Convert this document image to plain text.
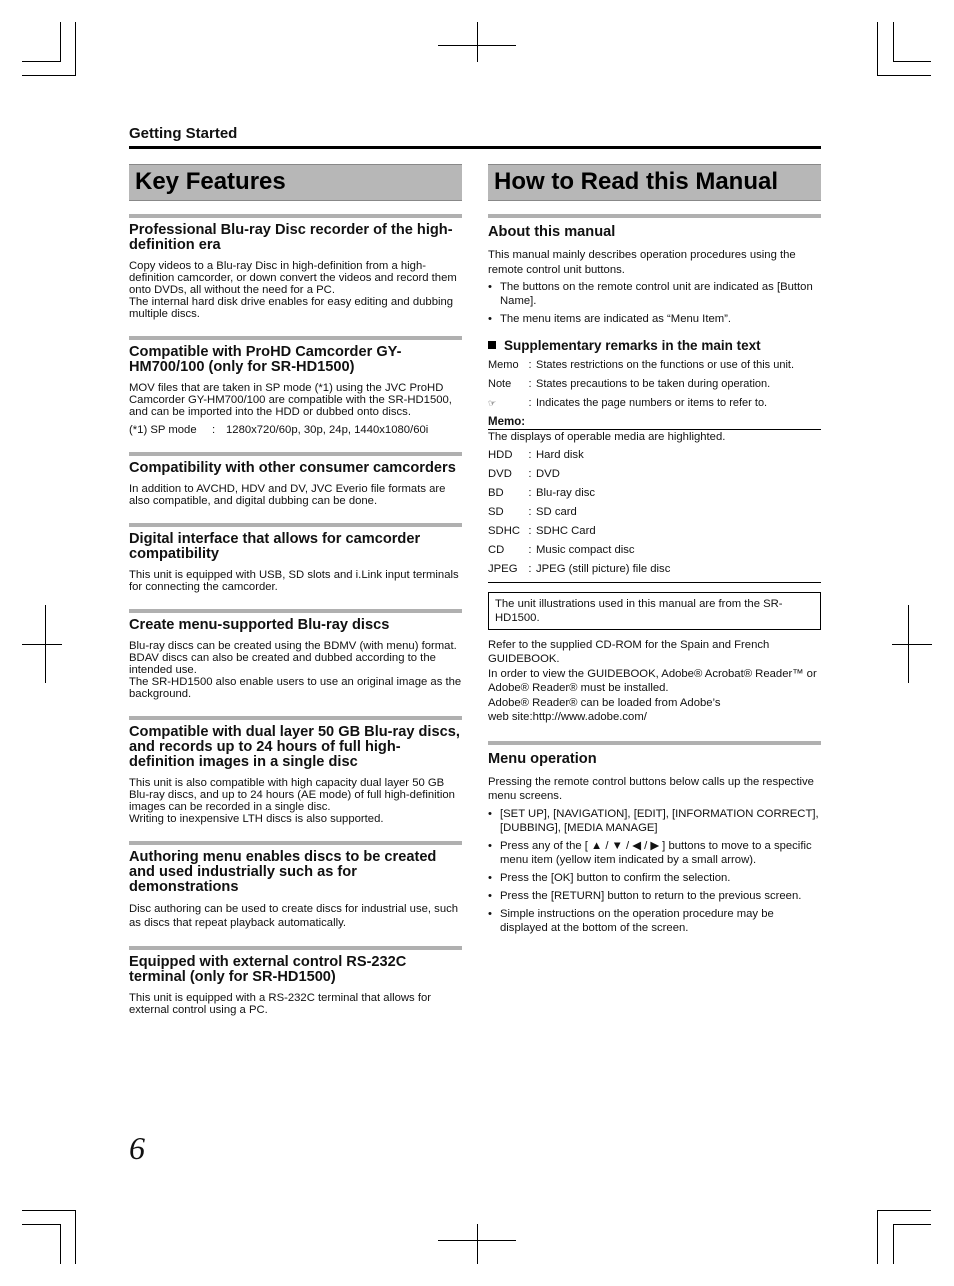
Getting Started
Key Features	How to Read this Manual
Professional Blu-ray Disc recorder of the high-definition era

Copy videos to a Blu-ray Disc in high-definition from a high-definition camcorder, or down convert the videos and record them onto DVDs, all without the need for a PC.
The internal hard disk drive enables for easy editing and dubbing multiple discs.

Compatible with ProHD Camcorder GY-HM700/100 (only for SR-HD1500)

MOV files that are taken in SP mode (*1) using the JVC ProHD Camcorder GY-HM700/100 are compatible with the SR-HD1500, and can be imported into the HDD or dubbed onto discs.

(*1) SP mode : 1280x720/60p, 30p, 24p, 1440x1080/60i
Compatibility with other consumer camcorders

In addition to AVCHD, HDV and DV, JVC Everio file formats are also compatible, and digital dubbing can be done.

Digital interface that allows for camcorder compatibility

This unit is equipped with USB, SD slots and i.Link input terminals for connecting the camcorder.

Create menu-supported Blu-ray discs

Blu-ray discs can be created using the BDMV (with menu) format. BDAV discs can also be created and dubbed according to the intended use.
The SR-HD1500 also enable users to use an original image as the background.

Compatible with dual layer 50 GB Blu-ray discs, and records up to 24 hours of full high-definition images in a single disc

This unit is also compatible with high capacity dual layer 50 GB Blu-ray discs, and up to 24 hours (AE mode) of full high-definition images can be recorded in a single disc.
Writing to inexpensive LTH discs is also supported.

Authoring menu enables discs to be created and used industrially such as for demonstrations

Disc authoring can be used to create discs for industrial use, such as discs that repeat playback automatically.

Equipped with external control RS-232C terminal (only for SR-HD1500)

This unit is equipped with a RS-232C terminal that allows for external control using a PC.

About this manual
This manual mainly describes operation procedures using the remote control unit buttons.
• The buttons on the remote control unit are indicated as [Button Name].
• The menu items are indicated as “Menu Item”.
Supplementary remarks in the main text
Memo : States restrictions on the functions or use of this unit.
Note : States precautions to be taken during operation.
☞	: Indicates the page numbers or items to refer to.
Memo:
The displays of operable media are highlighted.
HDD : Hard disk
DVD : DVD
BD : Blu-ray disc
SD : SD card
SDHC : SDHC Card
CD : Music compact disc
JPEG : JPEG (still picture) file disc
The unit illustrations used in this manual are from the SR-HD1500.
Refer to the supplied CD-ROM for the Spain and French GUIDEBOOK.
In order to view the GUIDEBOOK, Adobe® Acrobat® Reader™ or Adobe® Reader® must be installed.
Adobe® Reader® can be loaded from Adobe’s
web site:http://www.adobe.com/
Menu operation
Pressing the remote control buttons below calls up the respective menu screens.
• [SET UP], [NAVIGATION], [EDIT], [INFORMATION CORRECT], [DUBBING], [MEDIA MANAGE]
• Press any of the [ ▲ / ▼ / ◀ / ▶ ] buttons to move to a specific menu item (yellow item indicated by a small arrow).
• Press the [OK] button to confirm the selection.
• Press the [RETURN] button to return to the previous screen.
• Simple instructions on the operation procedure may be displayed at the bottom of the screen.
6
